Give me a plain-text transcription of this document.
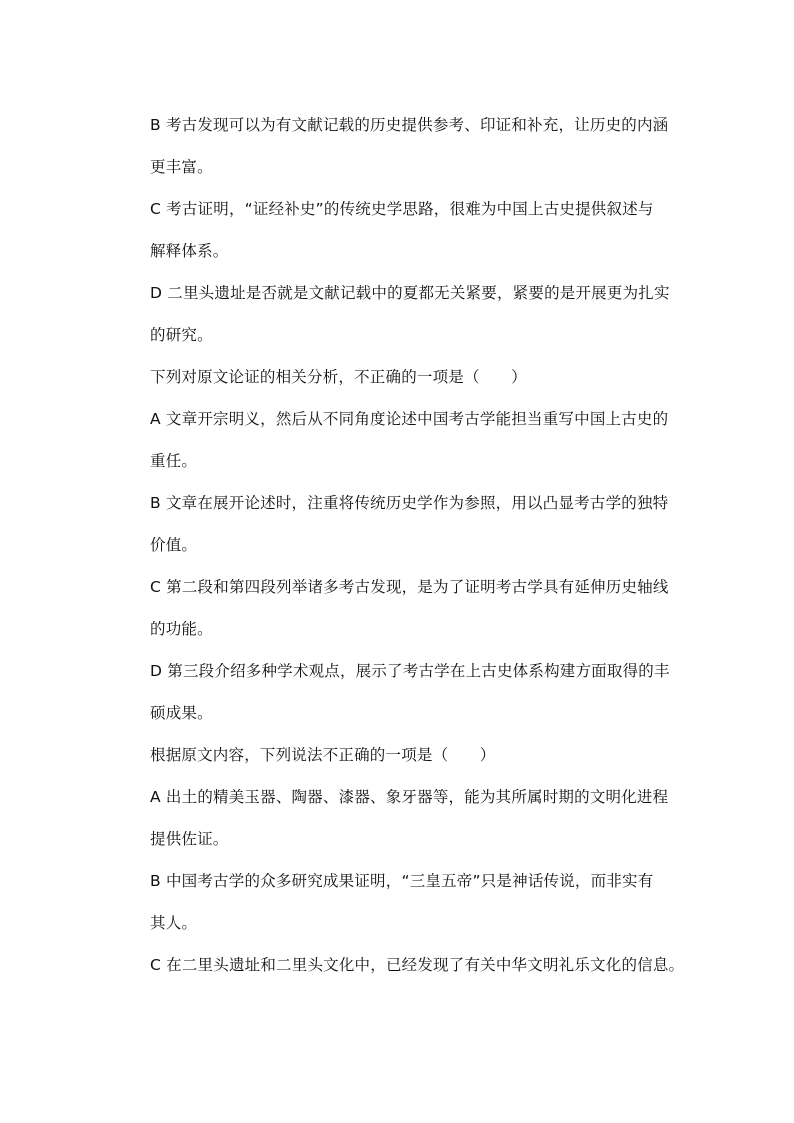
B 考古发现可以为有文献记载的历史提供参考、印证和补充，让历史的内涵
更丰富。
C 考古证明，“证经补史”的传统史学思路，很难为中国上古史提供叙述与
解释体系。
D 二里头遗址是否就是文献记载中的夏都无关紧要，紧要的是开展更为扎实
的研究。
下列对原文论证的相关分析，不正确的一项是（　　）
A 文章开宗明义，然后从不同角度论述中国考古学能担当重写中国上古史的
重任。
B 文章在展开论述时，注重将传统历史学作为参照，用以凸显考古学的独特
价值。
C 第二段和第四段列举诸多考古发现，是为了证明考古学具有延伸历史轴线
的功能。
D 第三段介绍多种学术观点，展示了考古学在上古史体系构建方面取得的丰
硕成果。
根据原文内容，下列说法不正确的一项是（　　）
A 出土的精美玉器、陶器、漆器、象牙器等，能为其所属时期的文明化进程
提供佐证。
B 中国考古学的众多研究成果证明，“三皇五帝”只是神话传说，而非实有
其人。
C 在二里头遗址和二里头文化中，已经发现了有关中华文明礼乐文化的信息。
